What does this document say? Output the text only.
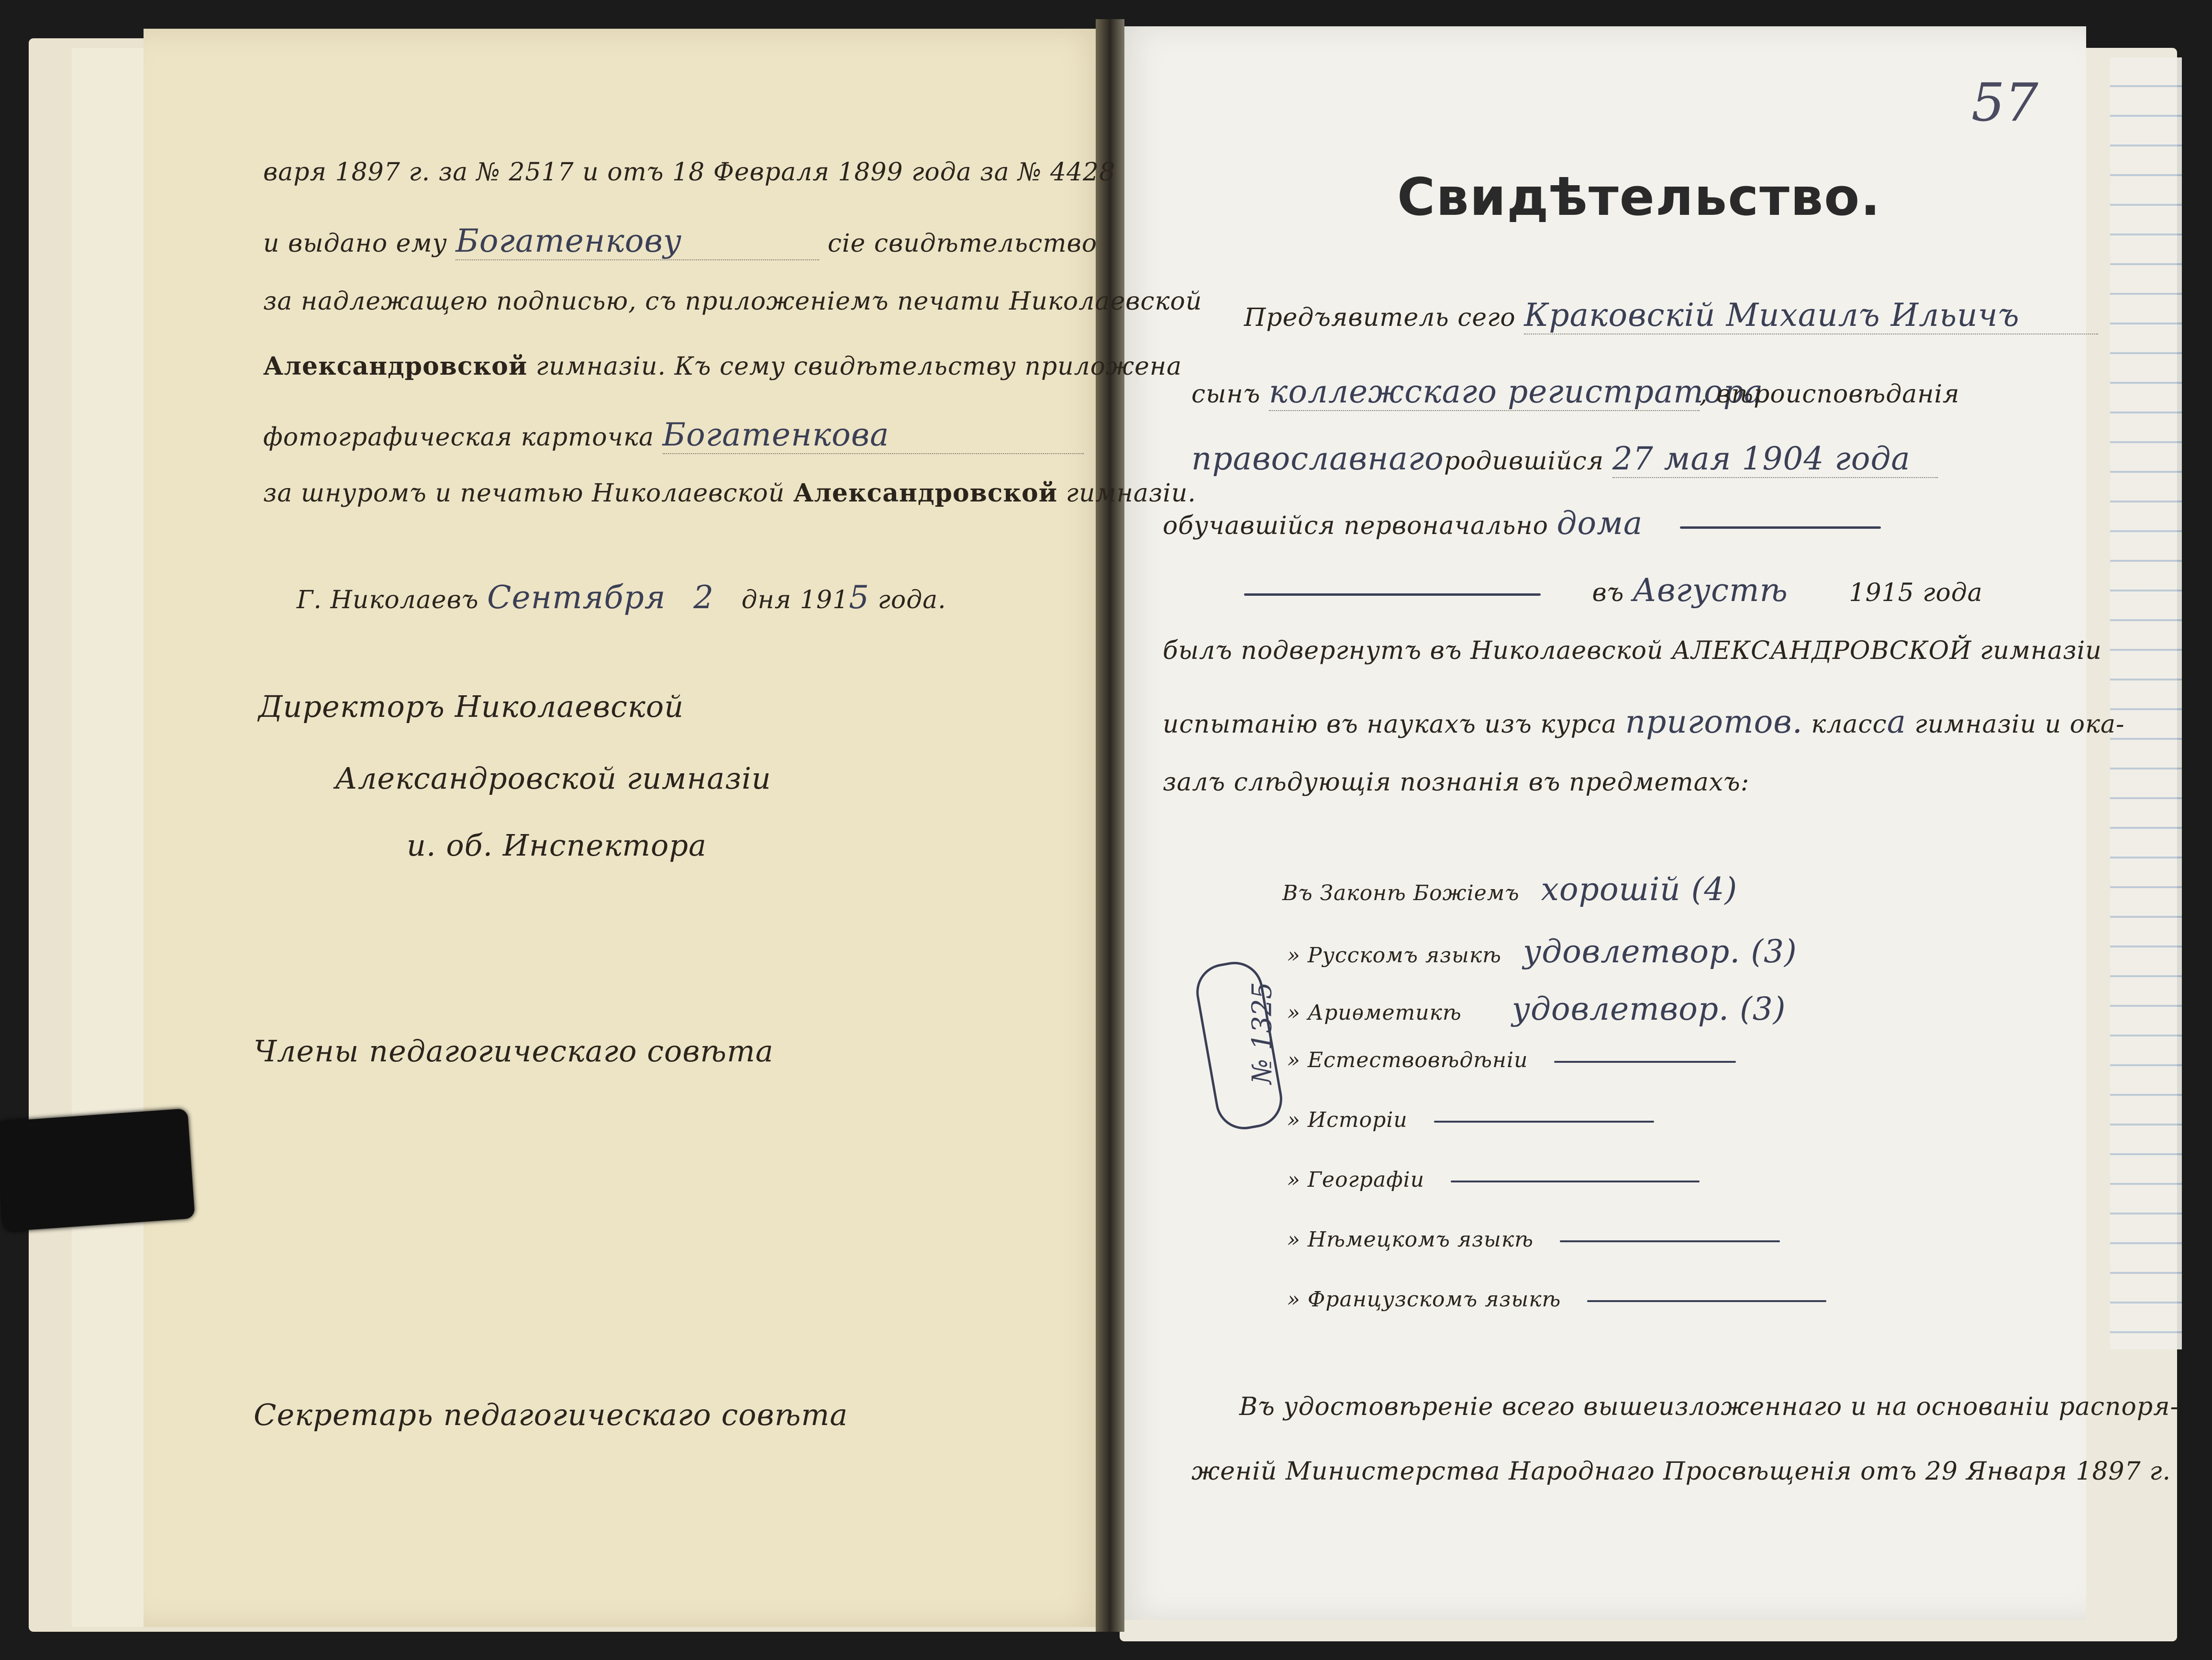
варя 1897 г. за № 2517 и отъ 18 Февраля 1899 года за № 4428
и выдано ему Богатенкову	сіе свидѣтельство
за надлежащею подписью, съ приложеніемъ печати Николаевской
Александровской гимназіи. Къ сему свидѣтельству приложена
фотографическая карточка Богатенкова
за шнуромъ и печатью Николаевской Александровской гимназіи.
Г. Николаевъ Сентября 2 дня 1915 года.
Директоръ Николаевской
Александровской гимназіи
и. об. Инспектора
Члены педагогическаго совѣта
Секретарь педагогическаго совѣта
57
Свидѣтельство.
Предъявитель сего Краковскій Михаилъ Ильичъ
сынъ коллежскаго регистратора, вѣроисповѣданія
православнагородившійся 27 мая 1904 года
обучавшійся первоначально дома
въ Августѣ 1915 года
былъ подвергнутъ въ Николаевской АЛЕКСАНДРОВСКОЙ гимназіи
испытанію въ наукахъ изъ курса приготов. класса гимназіи и ока-
залъ слѣдующія познанія въ предметахъ:
Въ Законѣ Божіемъ хорошій (4)
» Русскомъ языкѣ удовлетвор. (3)
» Ариѳметикѣ удовлетвор. (3)
» Естествовѣдѣніи
» Исторіи
» Географіи
» Нѣмецкомъ языкѣ
» Французскомъ языкѣ
№ 1325
Въ удостовѣреніе всего вышеизложеннаго и на основаніи распоря-
женій Министерства Народнаго Просвѣщенія отъ 29 Января 1897 г.
